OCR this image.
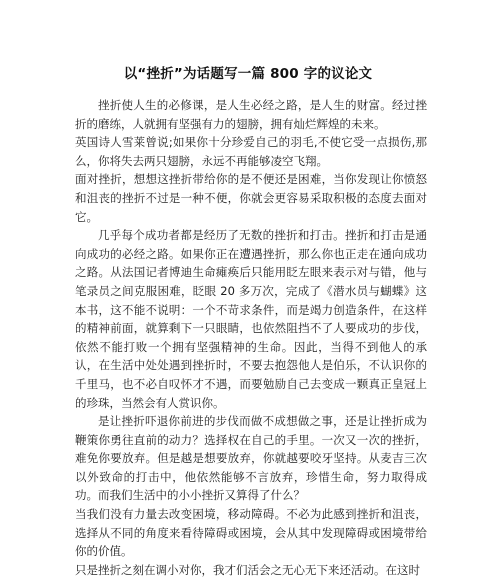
以“挫折”为话题写一篇 800 字的议论文

挫折使人生的必修课，是人生必经之路，是人生的财富。经过挫折的磨练，人就拥有坚强有力的翅膀，拥有灿烂辉煌的未来。

英国诗人雪莱曾说;如果你十分珍爱自己的羽毛,不使它受一点损伤,那么，你将失去两只翅膀，永远不再能够凌空飞翔。

面对挫折，想想这挫折带给你的是不便还是困难，当你发现让你愤怒和沮丧的挫折不过是一种不便，你就会更容易采取积极的态度去面对它。

几乎每个成功者都是经历了无数的挫折和打击。挫折和打击是通向成功的必经之路。如果你正在遭遇挫折，那么你也正走在通向成功之路。从法国记者博迪生命瘫痪后只能用眨左眼来表示对与错，他与笔录员之间克服困难，眨眼 20 多万次，完成了《潜水员与蝴蝶》这本书，这不能不说明：一个不苛求条件，而是竭力创造条件，在这样的精神前面，就算剩下一只眼睛，也依然阻挡不了人要成功的步伐，依然不能打败一个拥有坚强精神的生命。因此，当得不到他人的承认，在生活中处处遇到挫折时，不要去抱怨他人是伯乐，不认识你的千里马，也不必自叹怀才不遇，而要勉励自己去变成一颗真正皇冠上的珍珠，当然会有人赏识你。

是让挫折吓退你前进的步伐而做不成想做之事，还是让挫折成为鞭策你勇往直前的动力？选择权在自己的手里。一次又一次的挫折，难免你要放弃。但是越是想要放弃，你就越要咬牙坚持。从麦吉三次以外致命的打击中，他依然能够不言放弃，珍惜生命，努力取得成功。而我们生活中的小小挫折又算得了什么？

当我们没有力量去改变困境，移动障碍。不必为此感到挫折和沮丧，选择从不同的角度来看待障碍或困境，会从其中发现障碍或困境带给你的价值。

只是挫折之刻在调小对你，我才们活会之无心无下来还活动。在这时
